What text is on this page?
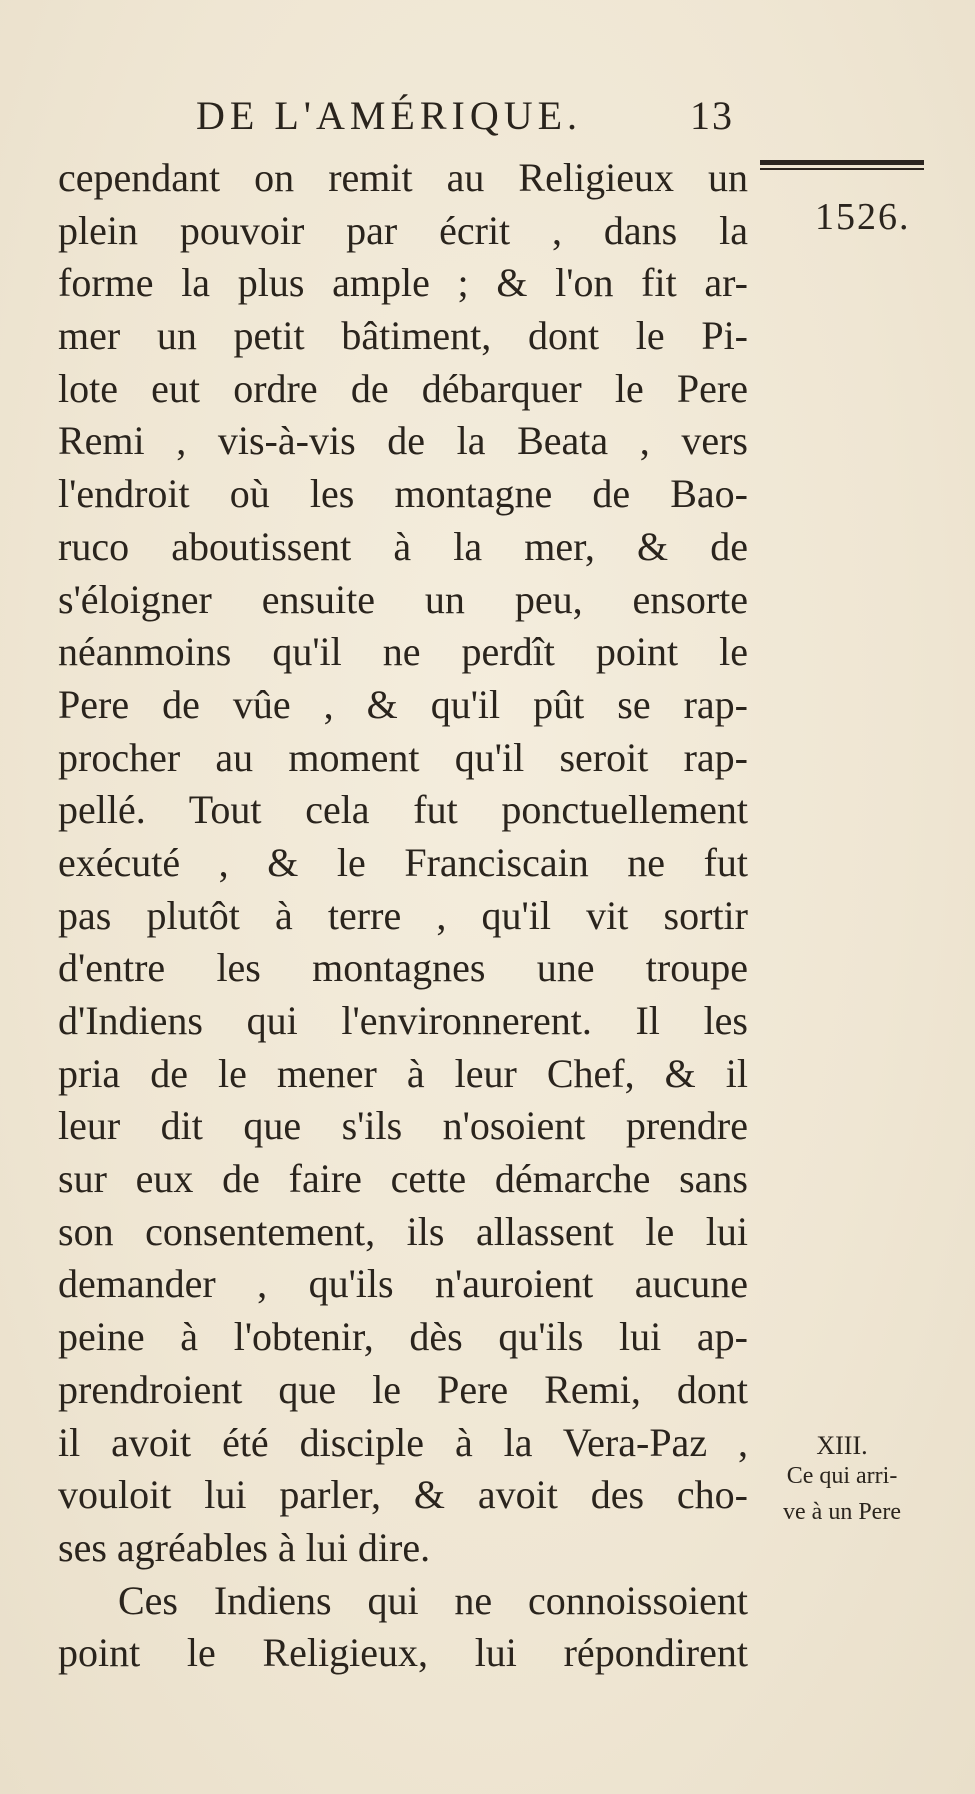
DE L'AMÉRIQUE.	13
1526.
cependant on remit au Religieux un
plein pouvoir par écrit , dans la
forme la plus ample ; & l'on fit ar-
mer un petit bâtiment, dont le Pi-
lote eut ordre de débarquer le Pere
Remi , vis-à-vis de la Beata , vers
l'endroit où les montagne de Bao-
ruco aboutissent à la mer, & de
s'éloigner ensuite un peu, ensorte
néanmoins qu'il ne perdît point le
Pere de vûe , & qu'il pût se rap-
procher au moment qu'il seroit rap-
pellé. Tout cela fut ponctuellement
exécuté , & le Franciscain ne fut
pas plutôt à terre , qu'il vit sortir
d'entre les montagnes une troupe
d'Indiens qui l'environnerent. Il les
pria de le mener à leur Chef, & il
leur dit que s'ils n'osoient prendre
sur eux de faire cette démarche sans
son consentement, ils allassent le lui
demander , qu'ils n'auroient aucune
peine à l'obtenir, dès qu'ils lui ap-
prendroient que le Pere Remi, dont
il avoit été disciple à la Vera-Paz ,
vouloit lui parler, & avoit des cho-
ses agréables à lui dire.
Ces Indiens qui ne connoissoient
point le Religieux, lui répondirent
XIII.
Ce qui arri-
ve à un Pere
